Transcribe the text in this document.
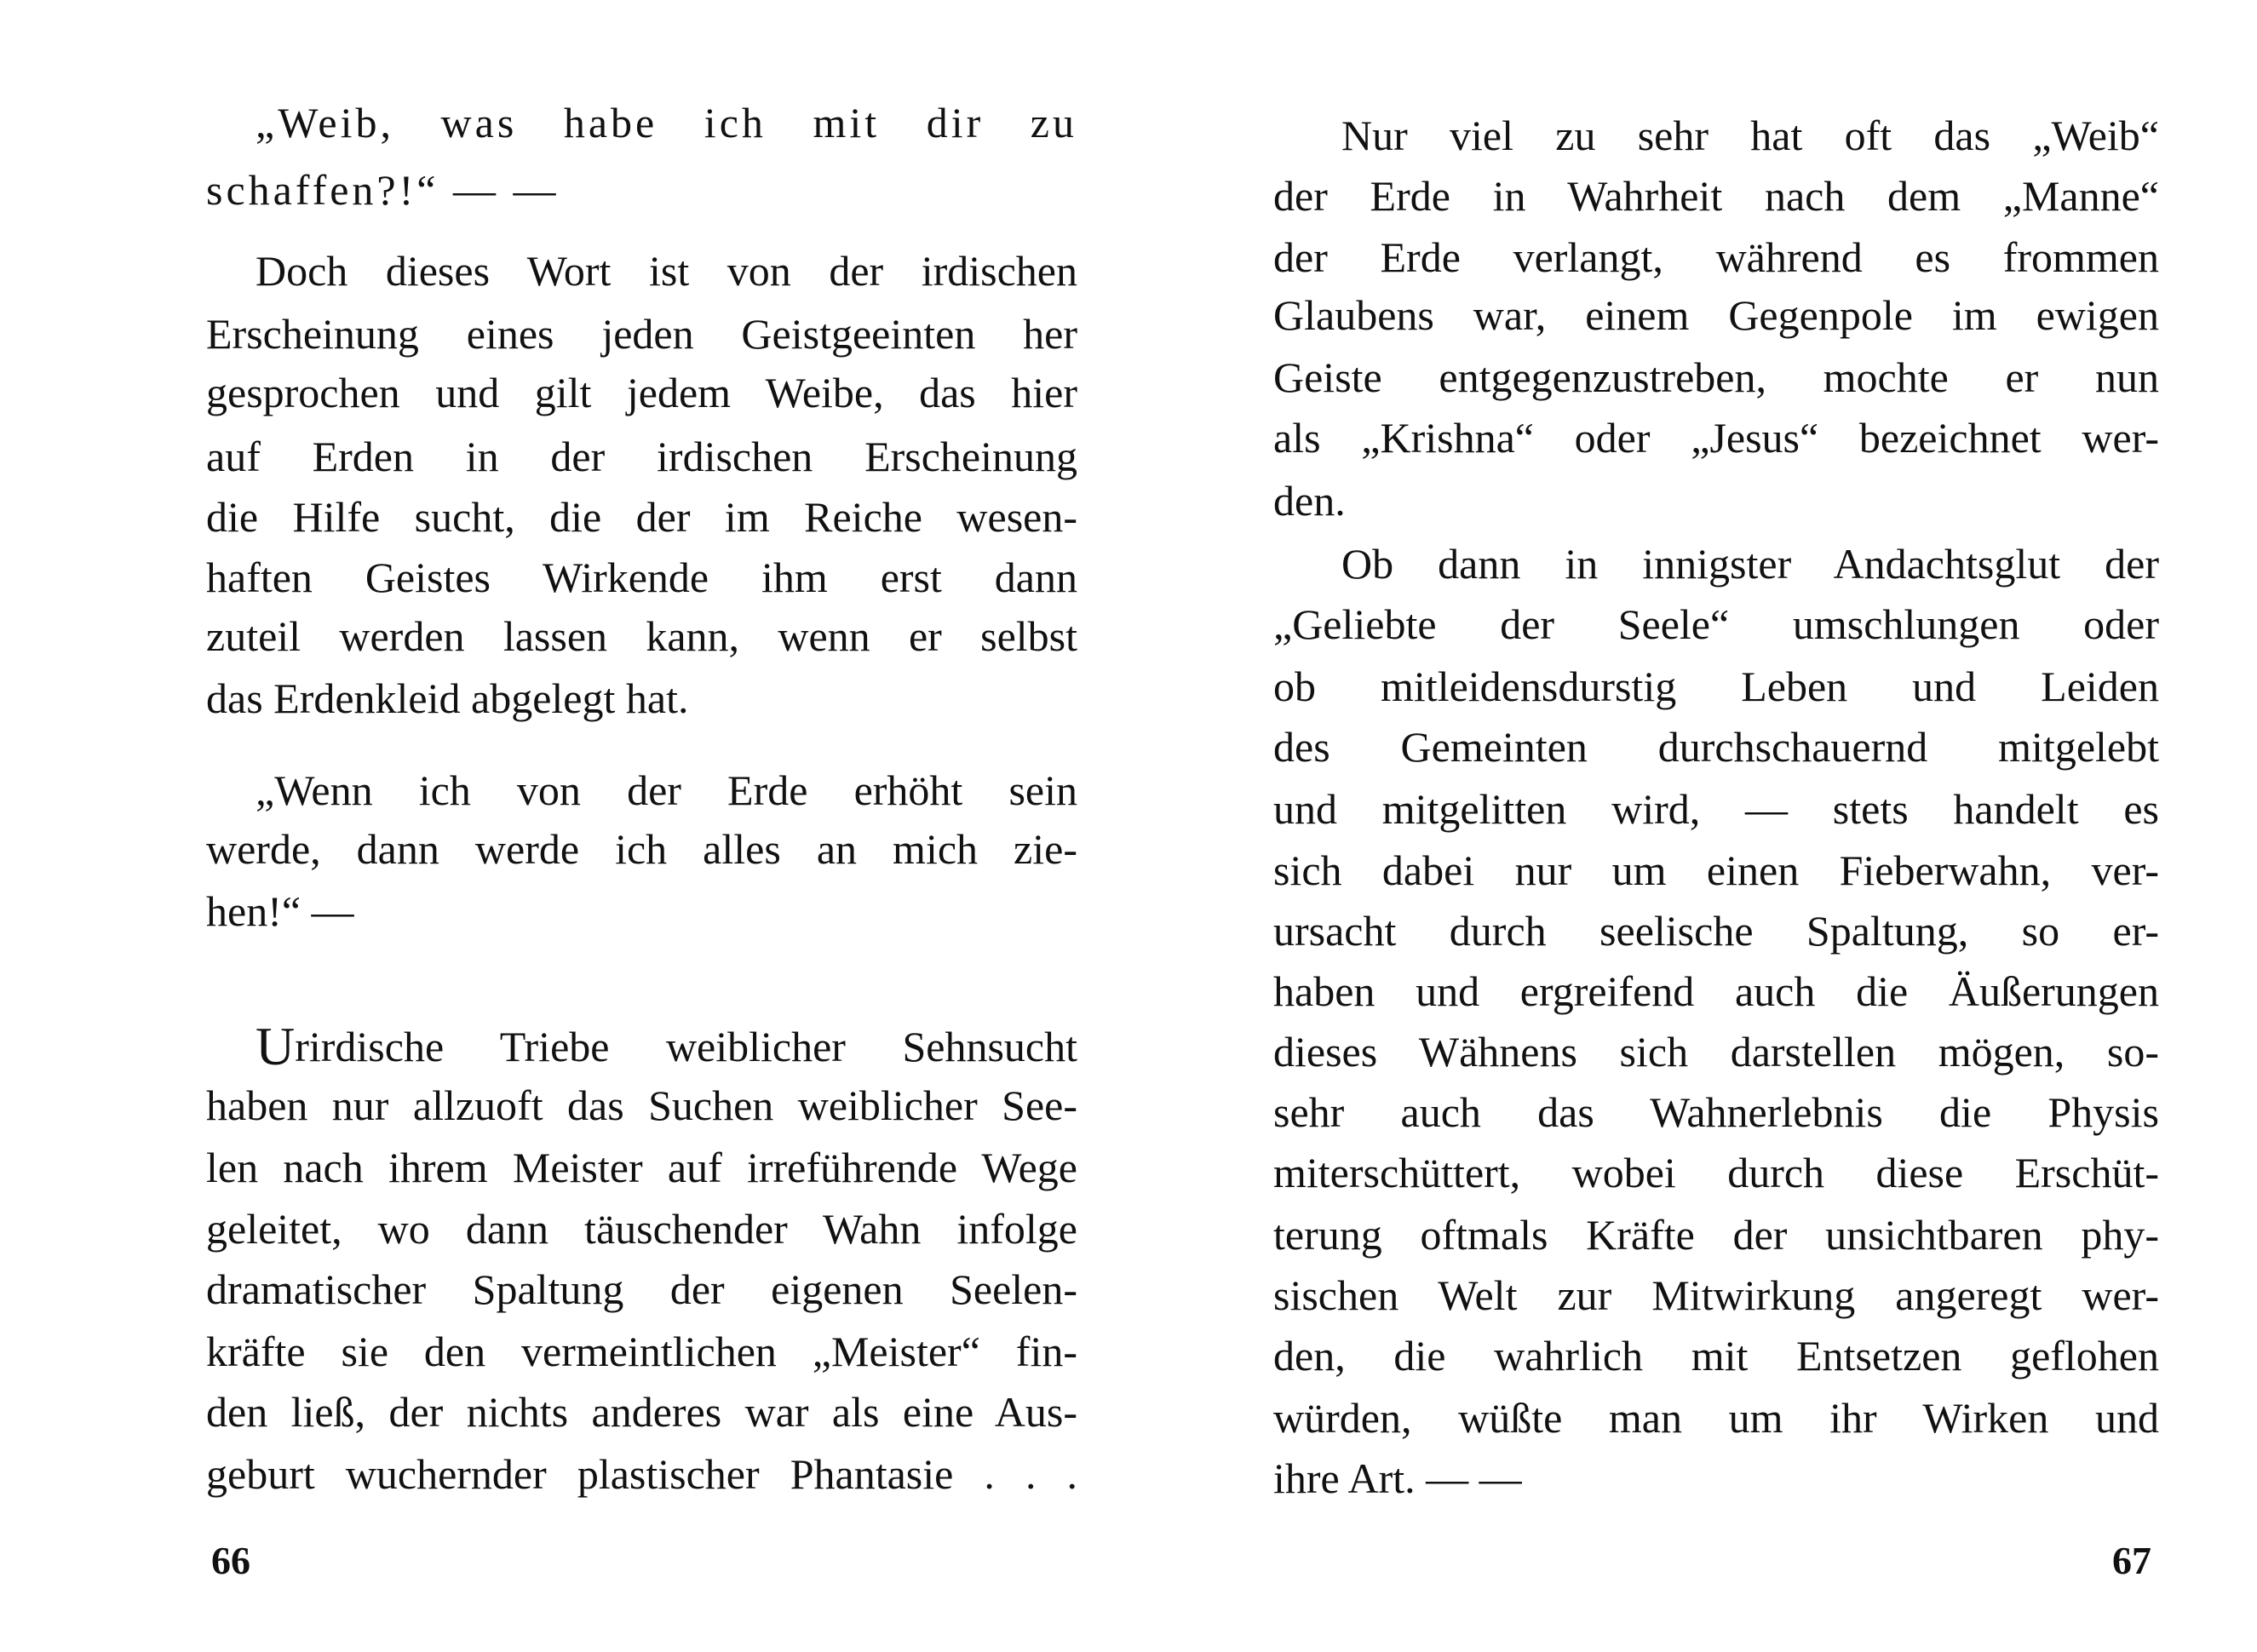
„Weib, was habe ich mit dir zu
schaffen?!“ — —
Doch dieses Wort ist von der irdischen
Erscheinung eines jeden Geistgeeinten her
gesprochen und gilt jedem Weibe, das hier
auf Erden in der irdischen Erscheinung
die Hilfe sucht, die der im Reiche wesen-
haften Geistes Wirkende ihm erst dann
zuteil werden lassen kann, wenn er selbst
das Erdenkleid abgelegt hat.
„Wenn ich von der Erde erhöht sein
werde, dann werde ich alles an mich zie-
hen!“ —
U rirdische Triebe weiblicher Sehnsucht
haben nur allzuoft das Suchen weiblicher See-
len nach ihrem Meister auf irreführende Wege
geleitet, wo dann täuschender Wahn infolge
dramatischer Spaltung der eigenen Seelen-
kräfte sie den vermeintlichen „Meister“ fin-
den ließ, der nichts anderes war als eine Aus-
geburt wuchernder plastischer Phantasie . . .
66
Nur viel zu sehr hat oft das „Weib“
der Erde in Wahrheit nach dem „Manne“
der Erde verlangt, während es frommen
Glaubens war, einem Gegenpole im ewigen
Geiste entgegenzustreben, mochte er nun
als „Krishna“ oder „Jesus“ bezeichnet wer-
den.
Ob dann in innigster Andachtsglut der
„Geliebte der Seele“ umschlungen oder
ob mitleidensdurstig Leben und Leiden
des Gemeinten durchschauernd mitgelebt
und mitgelitten wird, — stets handelt es
sich dabei nur um einen Fieberwahn, ver-
ursacht durch seelische Spaltung, so er-
haben und ergreifend auch die Äußerungen
dieses Wähnens sich darstellen mögen, so-
sehr auch das Wahnerlebnis die Physis
miterschüttert, wobei durch diese Erschüt-
terung oftmals Kräfte der unsichtbaren phy-
sischen Welt zur Mitwirkung angeregt wer-
den, die wahrlich mit Entsetzen geflohen
würden, wüßte man um ihr Wirken und
ihre Art. — —
67
